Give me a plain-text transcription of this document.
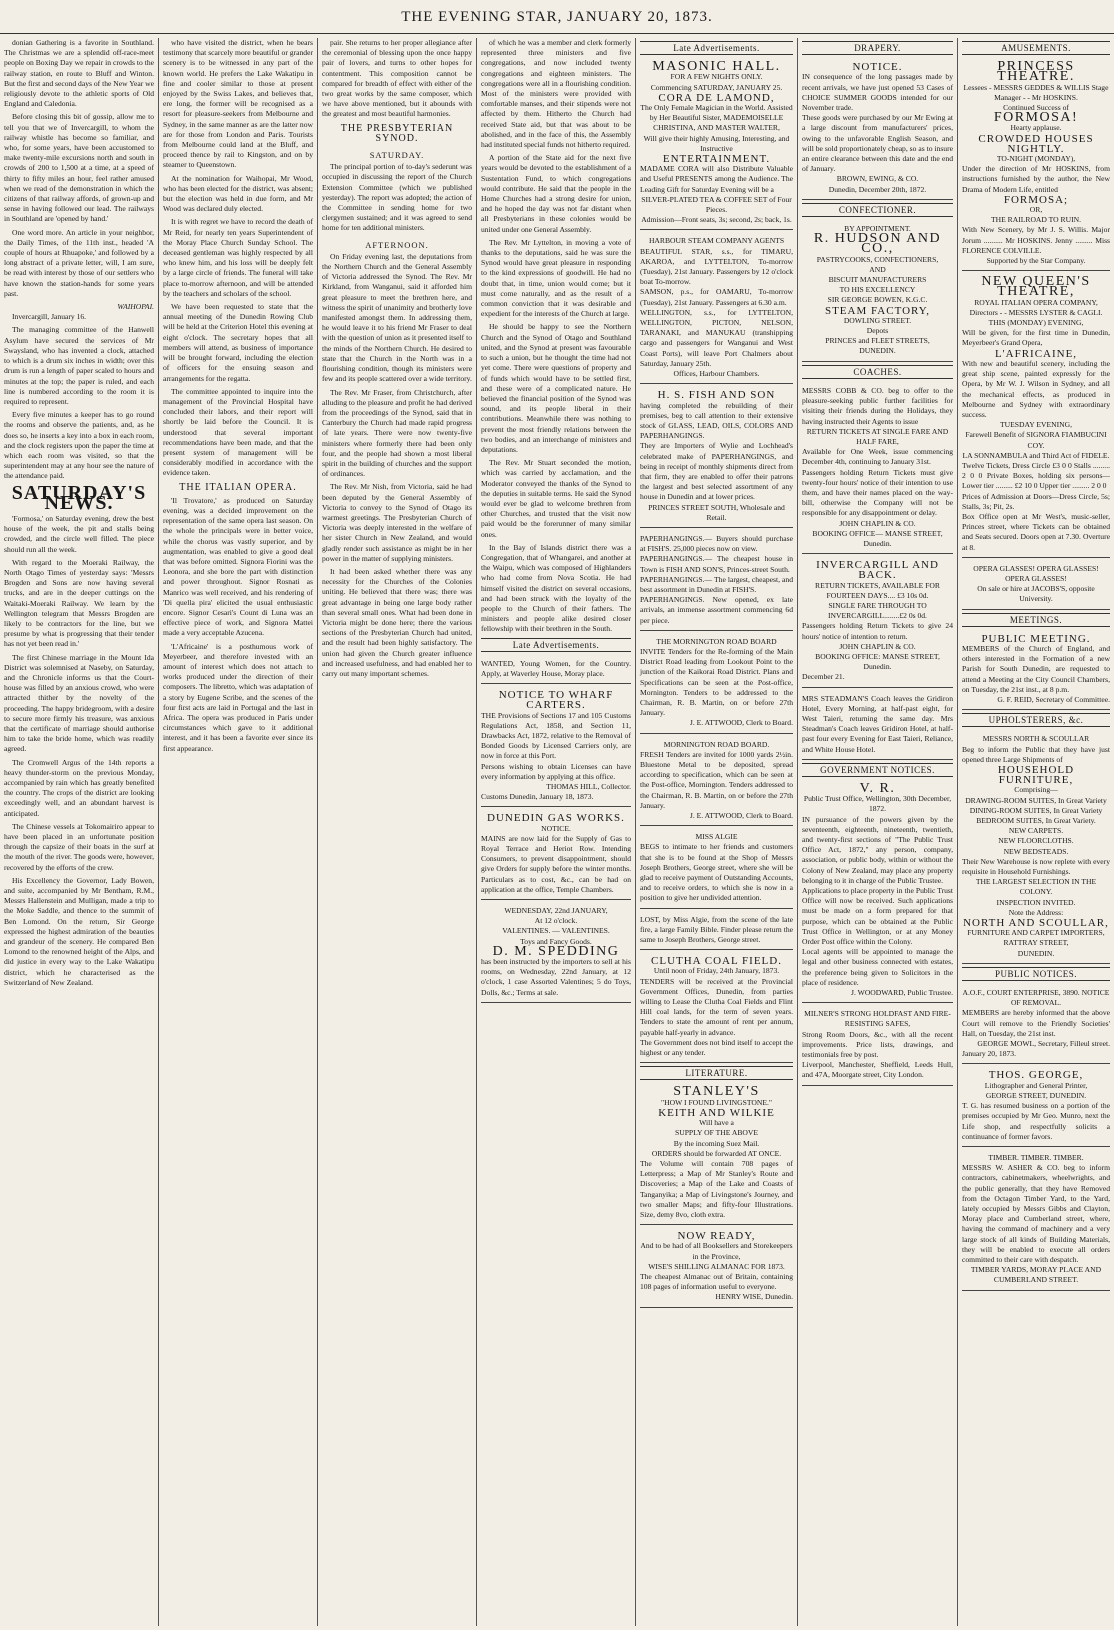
THE EVENING STAR, JANUARY 20, 1873.

donian Gathering is a favorite in Southland. The Christmas we are a splendid off-race-meet people on Boxing Day we repair in crowds to the railway station, en route to Bluff and Winton. But the first and second days of the New Year we religiously devote to the athletic sports of Old England and Caledonia.

Before closing this bit of gossip, allow me to tell you that we of Invercargill, to whom the railway whistle has become so familiar, and who, for some years, have been accustomed to make twenty-mile excursions north and south in crowds of 200 to 1,500 at a time, at a speed of thirty to fifty miles an hour, feel rather amused when we read of the demonstration in which the citizens of that railway affords, of grown-up and sense in having followed our lead. The railways in Southland are 'opened by hand.'

One word more. An article in your neighbor, the Daily Times, of the 11th inst., headed 'A couple of hours at Rhuapoke,' and followed by a long abstract of a private letter, will, I am sure, be read with interest by those of our settlers who have known the station-hands for some years past.

WAIHOPAI.

Invercargill, January 16.

The managing committee of the Hanwell Asylum have secured the services of Mr Swaysland, who has invented a clock, attached to which is a drum six inches in width; over this drum is run a length of paper scaled to hours and minutes at the top; the paper is ruled, and each line is numbered according to the room it is required to represent.

Every five minutes a keeper has to go round the rooms and observe the patients, and, as he does so, he inserts a key into a box in each room, and the clock registers upon the paper the time at which each room was visited, so that the superintendent may at any hour see the nature of the attendance paid.

SATURDAY'S NEWS.

'Formosa,' on Saturday evening, drew the best house of the week, the pit and stalls being crowded, and the circle well filled. The piece should run all the week.

With regard to the Moeraki Railway, the North Otago Times of yesterday says: 'Messrs Brogden and Sons are now having several trucks, and are in the deeper cuttings on the Waitaki-Moeraki Railway. We learn by the Wellington telegram that Messrs Brogden are likely to be contractors for the line, but we presume by what is progressing that their tender has not yet been read in.'

The first Chinese marriage in the Mount Ida District was solemnised at Naseby, on Saturday, and the Chronicle informs us that the Court-house was filled by an anxious crowd, who were attracted thither by the novelty of the proceeding. The happy bridegroom, with a desire to secure more firmly his treasure, was anxious that the certificate of marriage should authorise him to take the bride home, which was readily agreed.

The Cromwell Argus of the 14th reports a heavy thunder-storm on the previous Monday, accompanied by rain which has greatly benefited the country. The crops of the district are looking exceedingly well, and an abundant harvest is anticipated.

The Chinese vessels at Tokomairiro appear to have been placed in an unfortunate position through the capsize of their boats in the surf at the mouth of the river. The goods were, however, recovered by the efforts of the crew.

His Excellency the Governor, Lady Bowen, and suite, accompanied by Mr Bentham, R.M., Messrs Hallenstein and Mulligan, made a trip to the Moke Saddle, and thence to the summit of Ben Lomond. On the return, Sir George expressed the highest admiration of the beauties and grandeur of the scenery. He compared Ben Lomond to the renowned height of the Alps, and did justice in every way to the Lake Wakatipu district, which he characterised as the Switzerland of New Zealand.

who have visited the district, when he bears testimony that scarcely more beautiful or grander scenery is to be witnessed in any part of the known world. He prefers the Lake Wakatipu in fine and cooler similar to those at present enjoyed by the Swiss Lakes, and believes that, ere long, the former will be recognised as a resort for pleasure-seekers from Melbourne and Sydney, in the same manner as are the latter now are for those from London and Paris. Tourists from Melbourne could land at the Bluff, and proceed thence by rail to Kingston, and on by steamer to Queenstown.

At the nomination for Waihopai, Mr Wood, who has been elected for the district, was absent; but the election was held in due form, and Mr Wood was declared duly elected.

It is with regret we have to record the death of Mr Reid, for nearly ten years Superintendent of the Moray Place Church Sunday School. The deceased gentleman was highly respected by all who knew him, and his loss will be deeply felt by a large circle of friends. The funeral will take place to-morrow afternoon, and will be attended by the teachers and scholars of the school.

We have been requested to state that the annual meeting of the Dunedin Rowing Club will be held at the Criterion Hotel this evening at eight o'clock. The secretary hopes that all members will attend, as business of importance will be brought forward, including the election of officers for the ensuing season and arrangements for the regatta.

The committee appointed to inquire into the management of the Provincial Hospital have concluded their labors, and their report will shortly be laid before the Council. It is understood that several important recommendations have been made, and that the present system of management will be considerably modified in accordance with the evidence taken.

THE ITALIAN OPERA.

'Il Trovatore,' as produced on Saturday evening, was a decided improvement on the representation of the same opera last season. On the whole the principals were in better voice, while the chorus was vastly superior, and by augmentation, was enabled to give a good deal that was before omitted. Signora Fiorini was the Leonora, and she bore the part with distinction and power throughout. Signor Rosnati as Manrico was well received, and his rendering of 'Di quella pira' elicited the usual enthusiastic encore. Signor Cesari's Count di Luna was an effective piece of work, and Signora Mattei made a very acceptable Azucena.

'L'Africaine' is a posthumous work of Meyerbeer, and therefore invested with an amount of interest which does not attach to works produced under the direction of their composers. The libretto, which was adaptation of a story by Eugene Scribe, and the scenes of the four first acts are laid in Portugal and the last in Africa. The opera was produced in Paris under circumstances which gave to it additional interest, and it has been a favorite ever since its first appearance.

pair. She returns to her proper allegiance after the ceremonial of blessing upon the once happy pair of lovers, and turns to other hopes for contentment. This composition cannot be compared for breadth of effect with either of the two great works by the same composer, which we have above mentioned, but it abounds with the greatest and most beautiful harmonies.

THE PRESBYTERIAN SYNOD.
SATURDAY.

The principal portion of to-day's sederunt was occupied in discussing the report of the Church Extension Committee (which we published yesterday). The report was adopted; the action of the Committee in sending home for two clergymen sustained; and it was agreed to send home for ten additional ministers.

AFTERNOON.

On Friday evening last, the deputations from the Northern Church and the General Assembly of Victoria addressed the Synod. The Rev. Mr Kirkland, from Wanganui, said it afforded him great pleasure to meet the brethren here, and witness the spirit of unanimity and brotherly love manifested amongst them. In addressing them, he would leave it to his friend Mr Fraser to deal with the question of union as it presented itself to the minds of the Northern Church. He desired to state that the Church in the North was in a flourishing condition, though its ministers were few and its people scattered over a wide territory.

The Rev. Mr Fraser, from Christchurch, after alluding to the pleasure and profit he had derived from the proceedings of the Synod, said that in Canterbury the Church had made rapid progress of late years. There were now twenty-five ministers where formerly there had been only four, and the people had shown a most liberal spirit in the building of churches and the support of ordinances.

The Rev. Mr Nish, from Victoria, said he had been deputed by the General Assembly of Victoria to convey to the Synod of Otago its warmest greetings. The Presbyterian Church of Victoria was deeply interested in the welfare of her sister Church in New Zealand, and would gladly render such assistance as might be in her power in the matter of supplying ministers.

It had been asked whether there was any necessity for the Churches of the Colonies uniting. He believed that there was; there was great advantage in being one large body rather than several small ones. What had been done in Victoria might be done here; there the various sections of the Presbyterian Church had united, and the result had been highly satisfactory. The union had given the Church greater influence and increased usefulness, and had enabled her to carry out many important schemes.

of which he was a member and clerk formerly represented three ministers and five congregations, and now included twenty congregations and eighteen ministers. The congregations were all in a flourishing condition. Most of the ministers were provided with comfortable manses, and their stipends were not affected by them. Hitherto the Church had received State aid, but that was about to be abolished, and in the face of this, the Assembly had instituted special funds not hitherto required.

A portion of the State aid for the next five years would be devoted to the establishment of a Sustentation Fund, to which congregations would contribute. He said that the people in the Home Churches had a strong desire for union, and he hoped the day was not far distant when all Presbyterians in these colonies would be united under one General Assembly.

The Rev. Mr Lyttelton, in moving a vote of thanks to the deputations, said he was sure the Synod would have great pleasure in responding to the kind expressions of goodwill. He had no doubt that, in time, union would come; but it must come naturally, and as the result of a common conviction that it was desirable and expedient for the interests of the Church at large.

He should be happy to see the Northern Church and the Synod of Otago and Southland united, and the Synod at present was favourable to such a union, but he thought the time had not yet come. There were questions of property and of funds which would have to be settled first, and these were of a complicated nature. He believed the financial position of the Synod was sound, and its people liberal in their contributions. Meanwhile there was nothing to prevent the most friendly relations between the two bodies, and an interchange of ministers and deputations.

The Rev. Mr Stuart seconded the motion, which was carried by acclamation, and the Moderator conveyed the thanks of the Synod to the deputies in suitable terms. He said the Synod would ever be glad to welcome brethren from other Churches, and trusted that the visit now paid would be the forerunner of many similar ones.

In the Bay of Islands district there was a Congregation, that of Whangarei, and another at the Waipu, which was composed of Highlanders who had come from Nova Scotia. He had himself visited the district on several occasions, and had been struck with the loyalty of the people to the Church of their fathers. The ministers and people alike desired closer fellowship with their brethren in the South.

Late Advertisements.
WANTED, Young Women, for the Country. Apply, at Waverley House, Moray place.
NOTICE TO WHARF CARTERS.
THE Provisions of Sections 17 and 105 Customs Regulations Act, 1858, and Section 11, Drawbacks Act, 1872, relative to the Removal of Bonded Goods by Licensed Carriers only, are now in force at this Port.
Persons wishing to obtain Licenses can have every information by applying at this office.
THOMAS HILL, Collector.
Customs Dunedin, January 18, 1873.
DUNEDIN GAS WORKS.
NOTICE.
MAINS are now laid for the Supply of Gas to Royal Terrace and Heriot Row. Intending Consumers, to prevent disappointment, should give Orders for supply before the winter months. Particulars as to cost, &c., can be had on application at the office, Temple Chambers.
WEDNESDAY, 22nd JANUARY,
At 12 o'clock.
VALENTINES. — VALENTINES.
Toys and Fancy Goods.
D. M. SPEDDING
has been instructed by the importers to sell at his rooms, on Wednesday, 22nd January, at 12 o'clock, 1 case Assorted Valentines; 5 do Toys, Dolls, &c.; Terms at sale.
Late Advertisements.
MASONIC HALL.
FOR A FEW NIGHTS ONLY.
Commencing SATURDAY, JANUARY 25.
CORA DE LAMOND,
The Only Female Magician in the World. Assisted by Her Beautiful Sister, MADEMOISELLE CHRISTINA, AND MASTER WALTER,
Will give their highly Amusing, Interesting, and Instructive
ENTERTAINMENT.
MADAME CORA will also Distribute Valuable and Useful PRESENTS among the Audience. The Leading Gift for Saturday Evening will be a
SILVER-PLATED TEA & COFFEE SET of Four Pieces.
Admission—Front seats, 3s; second, 2s; back, 1s.
HARBOUR STEAM COMPANY AGENTS
BEAUTIFUL STAR, s.s., for TIMARU, AKAROA, and LYTTELTON, To-morrow (Tuesday), 21st January. Passengers by 12 o'clock boat To-morrow.
SAMSON, p.s., for OAMARU, To-morrow (Tuesday), 21st January. Passengers at 6.30 a.m.
WELLINGTON, s.s., for LYTTELTON, WELLINGTON, PICTON, NELSON, TARANAKI, and MANUKAU (transhipping cargo and passengers for Wanganui and West Coast Ports), will leave Port Chalmers about Saturday, January 25th.
Offices, Harbour Chambers.
H. S. FISH AND SON
having completed the rebuilding of their premises, beg to call attention to their extensive stock of GLASS, LEAD, OILS, COLORS AND PAPERHANGINGS.
They are Importers of Wylie and Lochhead's celebrated make of PAPERHANGINGS, and being in receipt of monthly shipments direct from that firm, they are enabled to offer their patrons the largest and best selected assortment of any house in Dunedin and at lower prices.
PRINCES STREET SOUTH, Wholesale and Retail.
PAPERHANGINGS.— Buyers should purchase at FISH'S. 25,000 pieces now on view.
PAPERHANGINGS.— The cheapest house in Town is FISH AND SON'S, Princes-street South.
PAPERHANGINGS.— The largest, cheapest, and best assortment in Dunedin at FISH'S.
PAPERHANGINGS. New opened, ex late arrivals, an immense assortment commencing 6d per piece.
THE MORNINGTON ROAD BOARD
INVITE Tenders for the Re-forming of the Main District Road leading from Lookout Point to the junction of the Kaikorai Road District. Plans and Specifications can be seen at the Post-office, Mornington. Tenders to be addressed to the Chairman, R. B. Martin, on or before 27th January.
J. E. ATTWOOD, Clerk to Board.
MORNINGTON ROAD BOARD.
FRESH Tenders are invited for 1000 yards 2½in. Bluestone Metal to be deposited, spread according to specification, which can be seen at the Post-office, Mornington. Tenders addressed to the Chairman, R. B. Martin, on or before the 27th January.
J. E. ATTWOOD, Clerk to Board.
MISS ALGIE
BEGS to intimate to her friends and customers that she is to be found at the Shop of Messrs Joseph Brothers, George street, where she will be glad to receive payment of Outstanding Accounts, and to receive orders, to which she is now in a position to give her undivided attention.
LOST, by Miss Algie, from the scene of the late fire, a large Family Bible. Finder please return the same to Joseph Brothers, George street.
CLUTHA COAL FIELD.
Until noon of Friday, 24th January, 1873.
TENDERS will be received at the Provincial Government Offices, Dunedin, from parties willing to Lease the Clutha Coal Fields and Flint Hill coal lands, for the term of seven years. Tenders to state the amount of rent per annum, payable half-yearly in advance.
The Government does not bind itself to accept the highest or any tender.
LITERATURE.
STANLEY'S
"HOW I FOUND LIVINGSTONE."
KEITH AND WILKIE
Will have a
SUPPLY OF THE ABOVE
By the incoming Suez Mail.
ORDERS should be forwarded AT ONCE.
The Volume will contain 708 pages of Letterpress; a Map of Mr Stanley's Route and Discoveries; a Map of the Lake and Coasts of Tanganyika; a Map of Livingstone's Journey, and two smaller Maps; and fifty-four Illustrations. Size, demy 8vo, cloth extra.
NOW READY,
And to be had of all Booksellers and Storekeepers in the Province,
WISE'S SHILLING ALMANAC FOR 1873.
The cheapest Almanac out of Britain, containing 108 pages of information useful to everyone.
HENRY WISE, Dunedin.
DRAPERY.
NOTICE.
IN consequence of the long passages made by recent arrivals, we have just opened 53 Cases of CHOICE SUMMER GOODS intended for our November trade.
These goods were purchased by our Mr Ewing at a large discount from manufacturers' prices, owing to the unfavorable English Season, and will be sold proportionately cheap, so as to insure an entire clearance between this date and the end of January.
BROWN, EWING, & CO.
Dunedin, December 20th, 1872.
CONFECTIONER.
BY APPOINTMENT.
R. HUDSON AND CO.,
PASTRYCOOKS, CONFECTIONERS,
AND
BISCUIT MANUFACTURERS
TO HIS EXCELLENCY
SIR GEORGE BOWEN, K.G.C.
STEAM FACTORY,
DOWLING STREET.
Depots
PRINCES and FLEET STREETS,
DUNEDIN.
COACHES.
MESSRS COBB & CO. beg to offer to the pleasure-seeking public further facilities for visiting their friends during the Holidays, they having instructed their Agents to issue
RETURN TICKETS AT SINGLE FARE AND HALF FARE,
Available for One Week, issue commencing December 4th, continuing to January 31st.
Passengers holding Return Tickets must give twenty-four hours' notice of their intention to use them, and have their names placed on the way-bill, otherwise the Company will not be responsible for any disappointment or delay.
JOHN CHAPLIN & CO.
BOOKING OFFICE— MANSE STREET, Dunedin.
INVERCARGILL AND BACK.
RETURN TICKETS, AVAILABLE FOR FOURTEEN DAYS.... £3 10s 0d.
SINGLE FARE THROUGH TO INVERCARGILL........£2 0s 0d.
Passengers holding Return Tickets to give 24 hours' notice of intention to return.
JOHN CHAPLIN & CO.
BOOKING OFFICE: MANSE STREET, Dunedin.
December 21.
MRS STEADMAN'S Coach leaves the Gridiron Hotel, Every Morning, at half-past eight, for West Taieri, returning the same day. Mrs Steadman's Coach leaves Gridiron Hotel, at half-past four every Evening for East Taieri, Reliance, and White House Hotel.
GOVERNMENT NOTICES.
V. R.
Public Trust Office, Wellington, 30th December, 1872.
IN pursuance of the powers given by the seventeenth, eighteenth, nineteenth, twentieth, and twenty-first sections of "The Public Trust Office Act, 1872," any person, company, association, or public body, within or without the Colony of New Zealand, may place any property belonging to it in charge of the Public Trustee.
Applications to place property in the Public Trust Office will now be received. Such applications must be made on a form prepared for that purpose, which can be obtained at the Public Trust Office in Wellington, or at any Money Order Post office within the Colony.
Local agents will be appointed to manage the legal and other business connected with estates, the preference being given to Solicitors in the place of residence.
J. WOODWARD, Public Trustee.
MILNER'S STRONG HOLDFAST AND FIRE-RESISTING SAFES,
Strong Room Doors, &c., with all the recent improvements. Price lists, drawings, and testimonials free by post.
Liverpool, Manchester, Sheffield, Leeds Hull, and 47A, Moorgate street, City London.
AMUSEMENTS.
PRINCESS THEATRE.
Lessees - MESSRS GEDDES & WILLIS Stage Manager - - Mr HOSKINS.
Continued Success of
FORMOSA!
Hearty applause.
CROWDED HOUSES NIGHTLY.
TO-NIGHT (MONDAY),
Under the direction of Mr HOSKINS, from instructions furnished by the author, the New Drama of Modern Life, entitled
FORMOSA;
OR,
THE RAILROAD TO RUIN.
With New Scenery, by Mr J. S. Willis. Major Jorum .......... Mr HOSKINS. Jenny ......... Miss FLORENCE COLVILLE.
Supported by the Star Company.
NEW QUEEN'S THEATRE,
ROYAL ITALIAN OPERA COMPANY,
Directors - - MESSRS LYSTER & CAGLI.
THIS (MONDAY) EVENING,
Will be given, for the first time in Dunedin, Meyerbeer's Grand Opera,
L'AFRICAINE,
With new and beautiful scenery, including the great ship scene, painted expressly for the Opera, by Mr W. J. Wilson in Sydney, and all the mechanical effects, as produced in Melbourne and Sydney with extraordinary success.
TUESDAY EVENING,
Farewell Benefit of SIGNORA FIAMBUCINI COY.
LA SONNAMBULA and Third Act of FIDELE.
Twelve Tickets, Dress Circle £3 0 0 Stalls ......... 2 0 0 Private Boxes, holding six persons— Lower tier ......... £2 10 0 Upper tier ......... 2 0 0
Prices of Admission at Doors—Dress Circle, 5s; Stalls, 3s; Pit, 2s.
Box Office open at Mr West's, music-seller, Princes street, where Tickets can be obtained and Seats secured. Doors open at 7.30. Overture at 8.
OPERA GLASSES! OPERA GLASSES! OPERA GLASSES!
On sale or hire at JACOBS'S, opposite University.
MEETINGS.
PUBLIC MEETING.
MEMBERS of the Church of England, and others interested in the Formation of a new Parish for South Dunedin, are requested to attend a Meeting at the City Council Chambers, on Tuesday, the 21st inst., at 8 p.m.
G. F. REID, Secretary of Committee.
UPHOLSTERERS, &c.
MESSRS NORTH & SCOULLAR
Beg to inform the Public that they have just opened three Large Shipments of
HOUSEHOLD FURNITURE,
Comprising—
DRAWING-ROOM SUITES, In Great Variety
DINING-ROOM SUITES, In Great Variety
BEDROOM SUITES, In Great Variety.
NEW CARPETS.
NEW FLOORCLOTHS.
NEW BEDSTEADS.
Their New Warehouse is now replete with every requisite in Household Furnishings.
THE LARGEST SELECTION IN THE COLONY.
INSPECTION INVITED.
Note the Address:
NORTH AND SCOULLAR,
FURNITURE AND CARPET IMPORTERS,
RATTRAY STREET,
DUNEDIN.
PUBLIC NOTICES.
A.O.F., COURT ENTERPRISE, 3890. NOTICE OF REMOVAL.
MEMBERS are hereby informed that the above Court will remove to the Friendly Societies' Hall, on Tuesday, the 21st inst.
GEORGE MOWL, Secretary, Filleul street.
January 20, 1873.
THOS. GEORGE,
Lithographer and General Printer,
GEORGE STREET, DUNEDIN.
T. G. has resumed business on a portion of the premises occupied by Mr Geo. Munro, next the Life shop, and respectfully solicits a continuance of former favors.
TIMBER. TIMBER. TIMBER.
MESSRS W. ASHER & CO. beg to inform contractors, cabinetmakers, wheelwrights, and the public generally, that they have Removed from the Octagon Timber Yard, to the Yard, lately occupied by Messrs Gibbs and Clayton, Moray place and Cumberland street, where, having the command of machinery and a very large stock of all kinds of Building Materials, they will be enabled to execute all orders committed to their care with despatch.
TIMBER YARDS, MORAY PLACE AND CUMBERLAND STREET.
